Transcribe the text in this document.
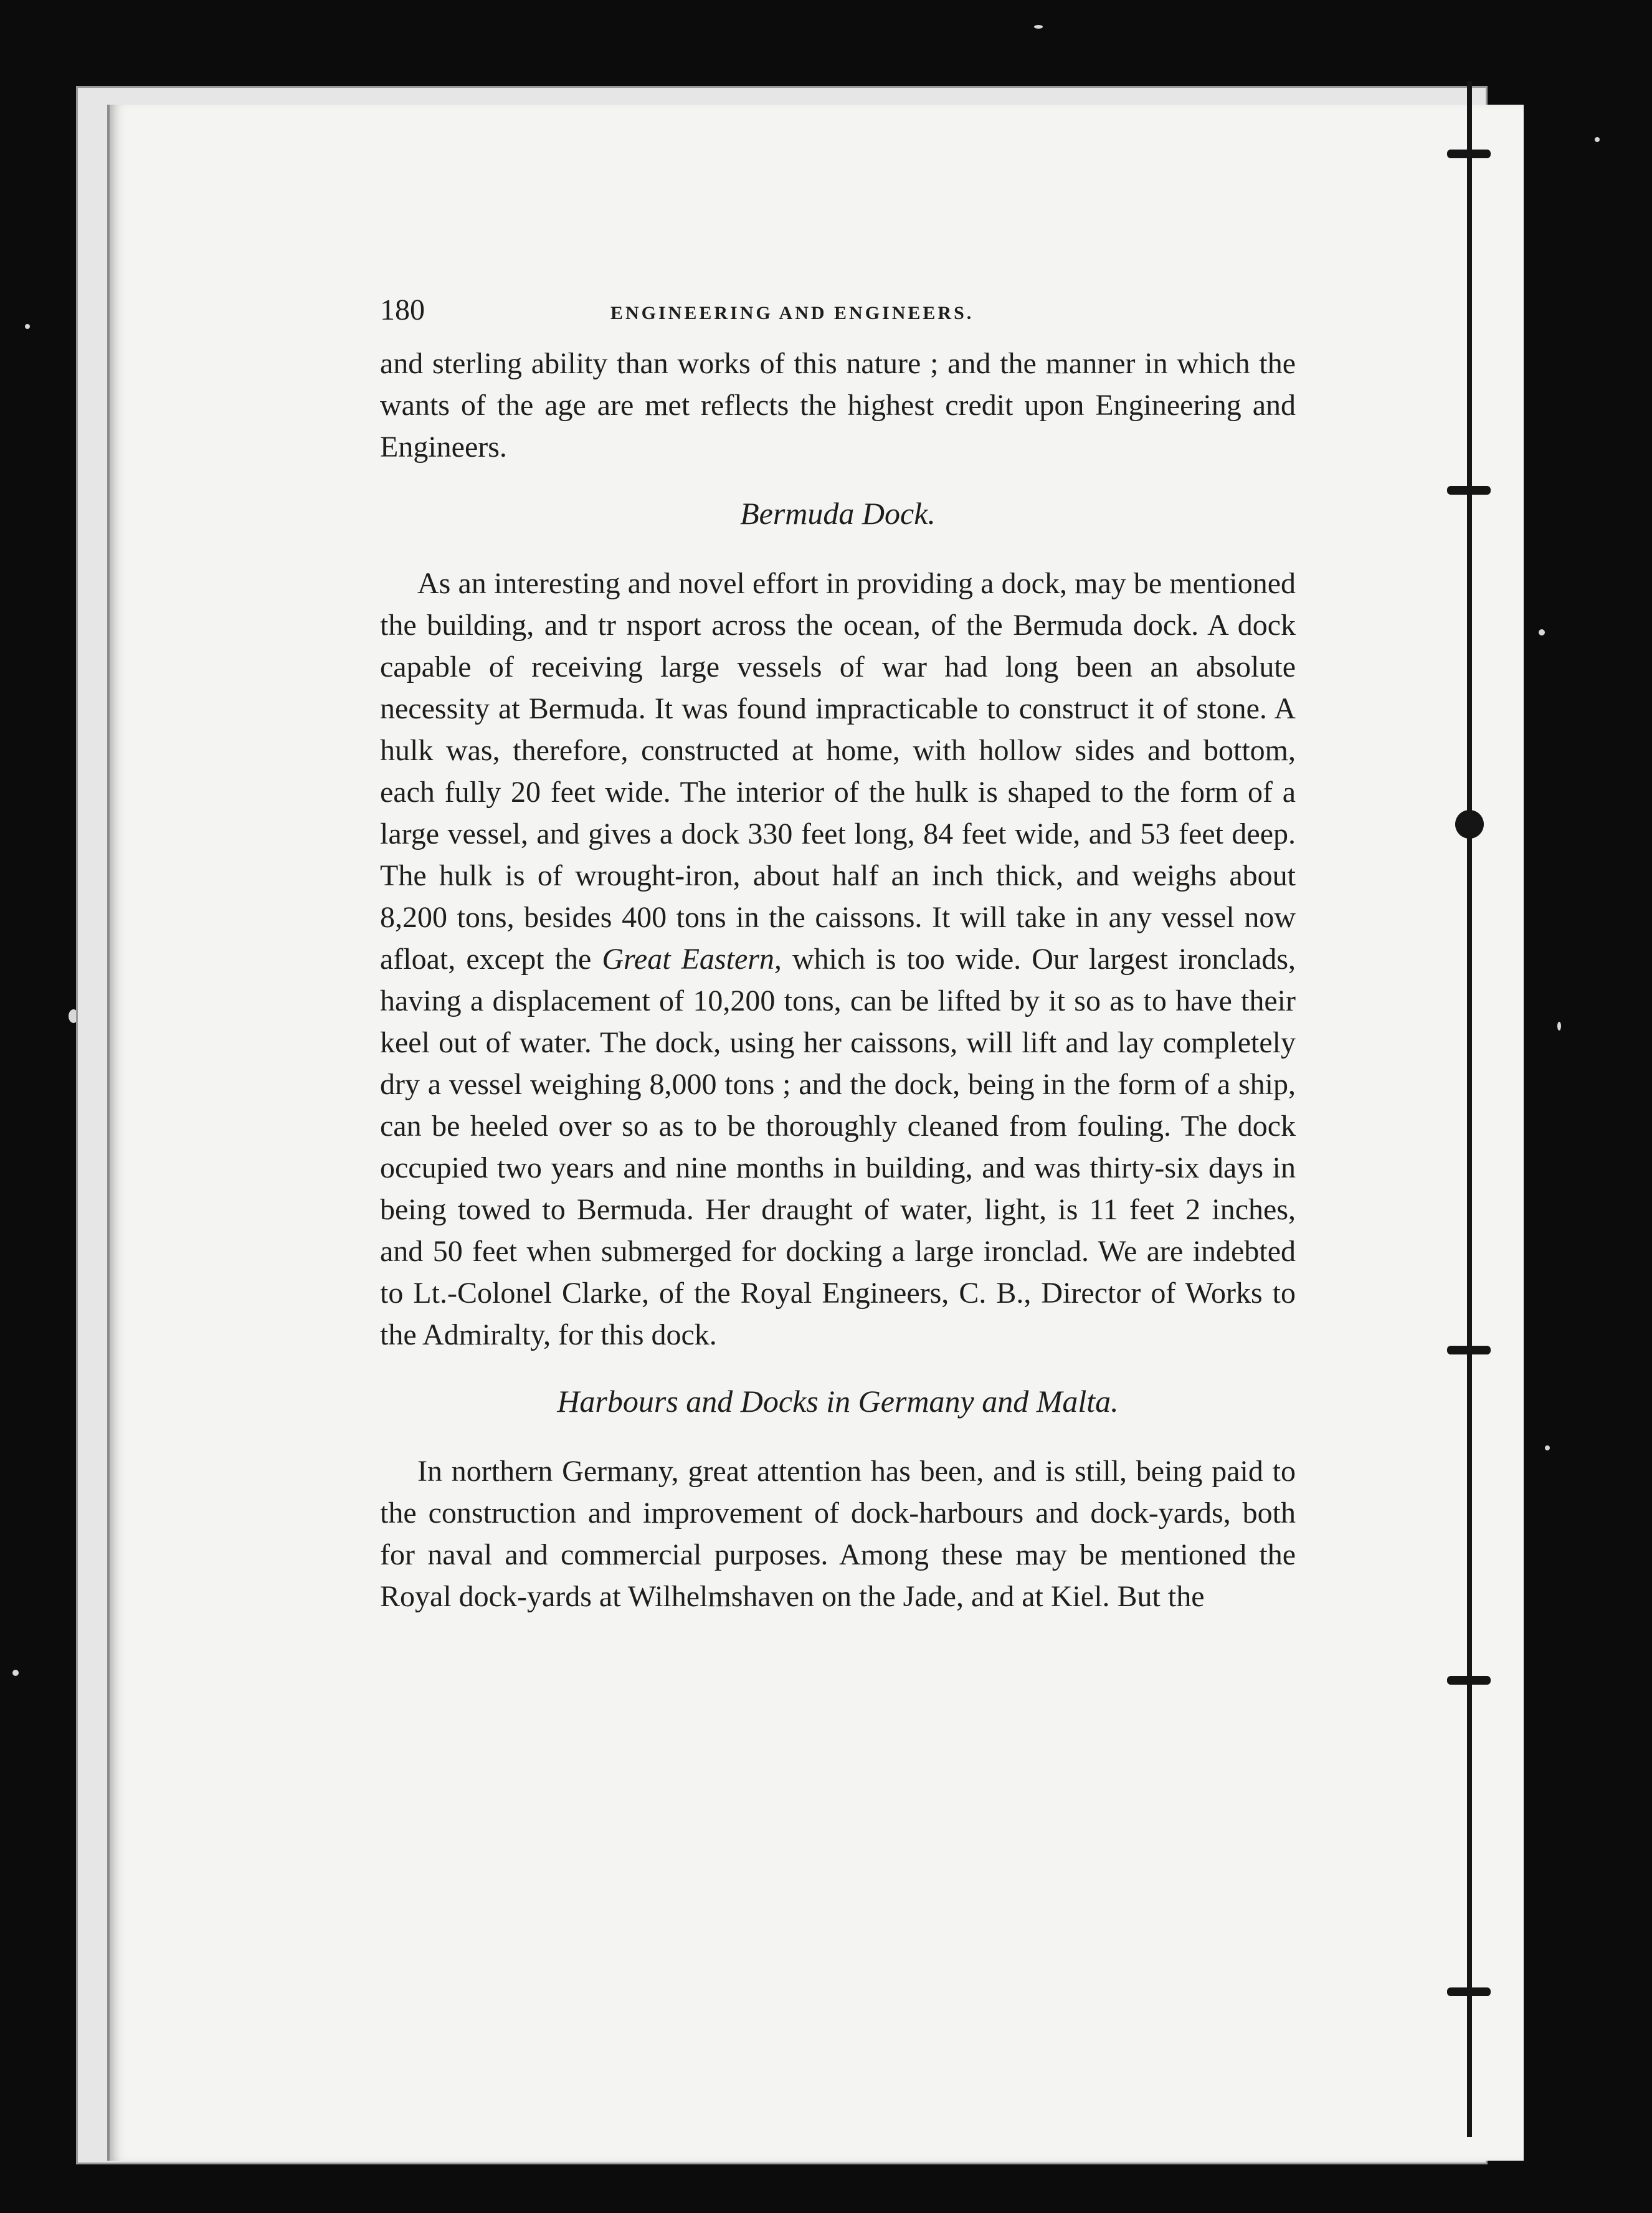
180	ENGINEERING AND ENGINEERS.

and sterling ability than works of this nature ; and the manner in which the wants of the age are met reflects the highest credit upon Engineering and Engineers.

Bermuda Dock.

As an interesting and novel effort in providing a dock, may be mentioned the building, and tr nsport across the ocean, of the Bermuda dock. A dock capable of receiving large vessels of war had long been an absolute necessity at Bermuda. It was found impracticable to construct it of stone. A hulk was, therefore, constructed at home, with hollow sides and bottom, each fully 20 feet wide. The interior of the hulk is shaped to the form of a large vessel, and gives a dock 330 feet long, 84 feet wide, and 53 feet deep. The hulk is of wrought-iron, about half an inch thick, and weighs about 8,200 tons, besides 400 tons in the caissons. It will take in any vessel now afloat, except the Great Eastern, which is too wide. Our largest ironclads, having a displacement of 10,200 tons, can be lifted by it so as to have their keel out of water. The dock, using her caissons, will lift and lay completely dry a vessel weighing 8,000 tons ; and the dock, being in the form of a ship, can be heeled over so as to be thoroughly cleaned from fouling. The dock occupied two years and nine months in building, and was thirty-six days in being towed to Bermuda. Her draught of water, light, is 11 feet 2 inches, and 50 feet when submerged for docking a large ironclad. We are indebted to Lt.-Colonel Clarke, of the Royal Engineers, C. B., Director of Works to the Admiralty, for this dock.

Harbours and Docks in Germany and Malta.

In northern Germany, great attention has been, and is still, being paid to the construction and improvement of dock-harbours and dock-yards, both for naval and commercial purposes. Among these may be mentioned the Royal dock-yards at Wilhelmshaven on the Jade, and at Kiel. But the
